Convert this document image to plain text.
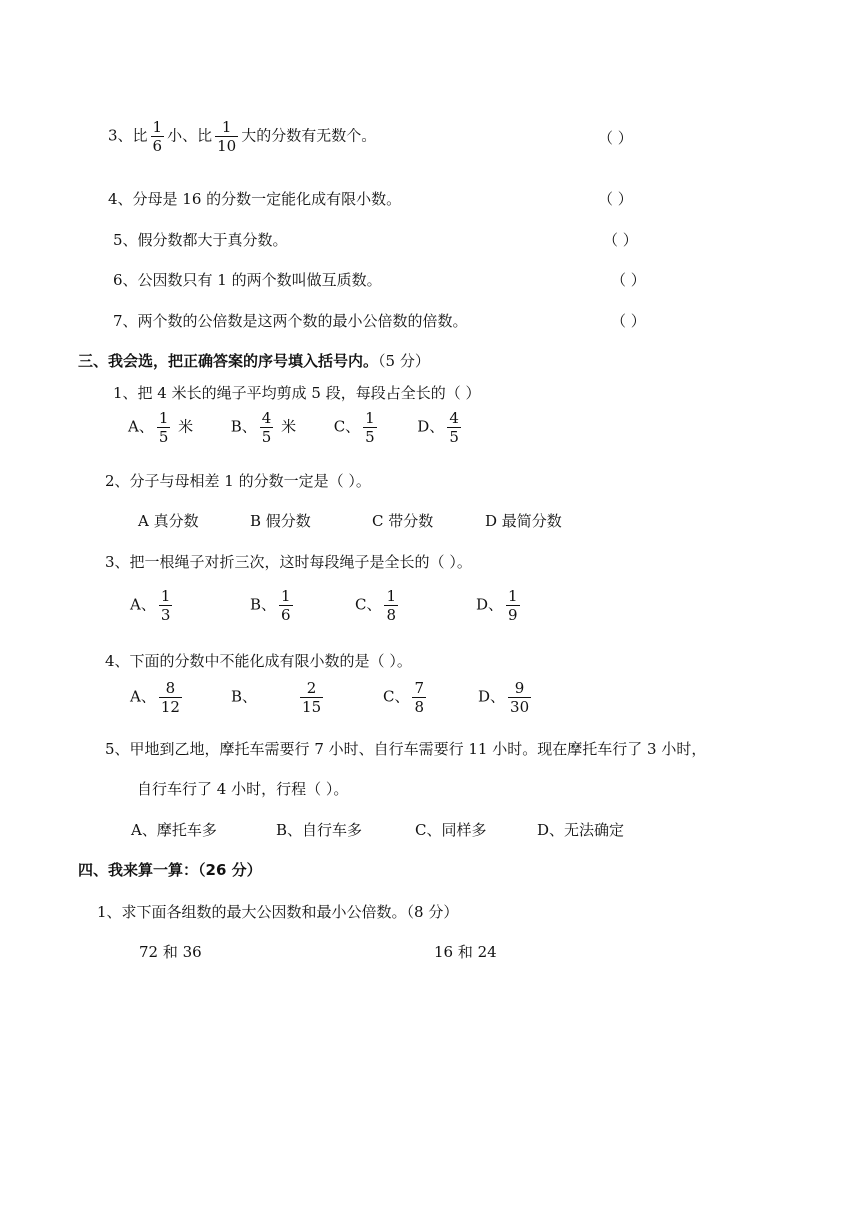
3、比 $\frac{1}{6}$ 小、比 $\frac{1}{10}$ 大的分数有无数个。	（ ）
4、分母是 16 的分数一定能化成有限小数。	（ ）
5、假分数都大于真分数。	（ ）
6、公因数只有 1 的两个数叫做互质数。	（ ）
7、两个数的公倍数是这两个数的最小公倍数的倍数。	（ ）
三、我会选，把正确答案的序号填入括号内。（5 分）
1、把 4 米长的绳子平均剪成 5 段，每段占全长的（ ）
A、 $\frac{1}{5}$ 米	B、 $\frac{4}{5}$ 米	C、 $\frac{1}{5}$	D、 $\frac{4}{5}$
2、分子与母相差 1 的分数一定是（ ）。
A 真分数	B 假分数	C 带分数	D 最简分数
3、把一根绳子对折三次，这时每段绳子是全长的（ ）。
A、 $\frac{1}{3}$	B、 $\frac{1}{6}$	C、 $\frac{1}{8}$	D、 $\frac{1}{9}$
4、下面的分数中不能化成有限小数的是（ ）。
A、 $\frac{8}{12}$	B、	$\frac{2}{15}$	C、 $\frac{7}{8}$	D、 $\frac{9}{30}$
5、甲地到乙地，摩托车需要行 7 小时、自行车需要行 11 小时。现在摩托车行了 3 小时，
自行车行了 4 小时，行程（ ）。
A、摩托车多	B、自行车多	C、同样多	D、无法确定
四、我来算一算：（26 分）
1、求下面各组数的最大公因数和最小公倍数。（8 分）
72 和 36	16 和 24
